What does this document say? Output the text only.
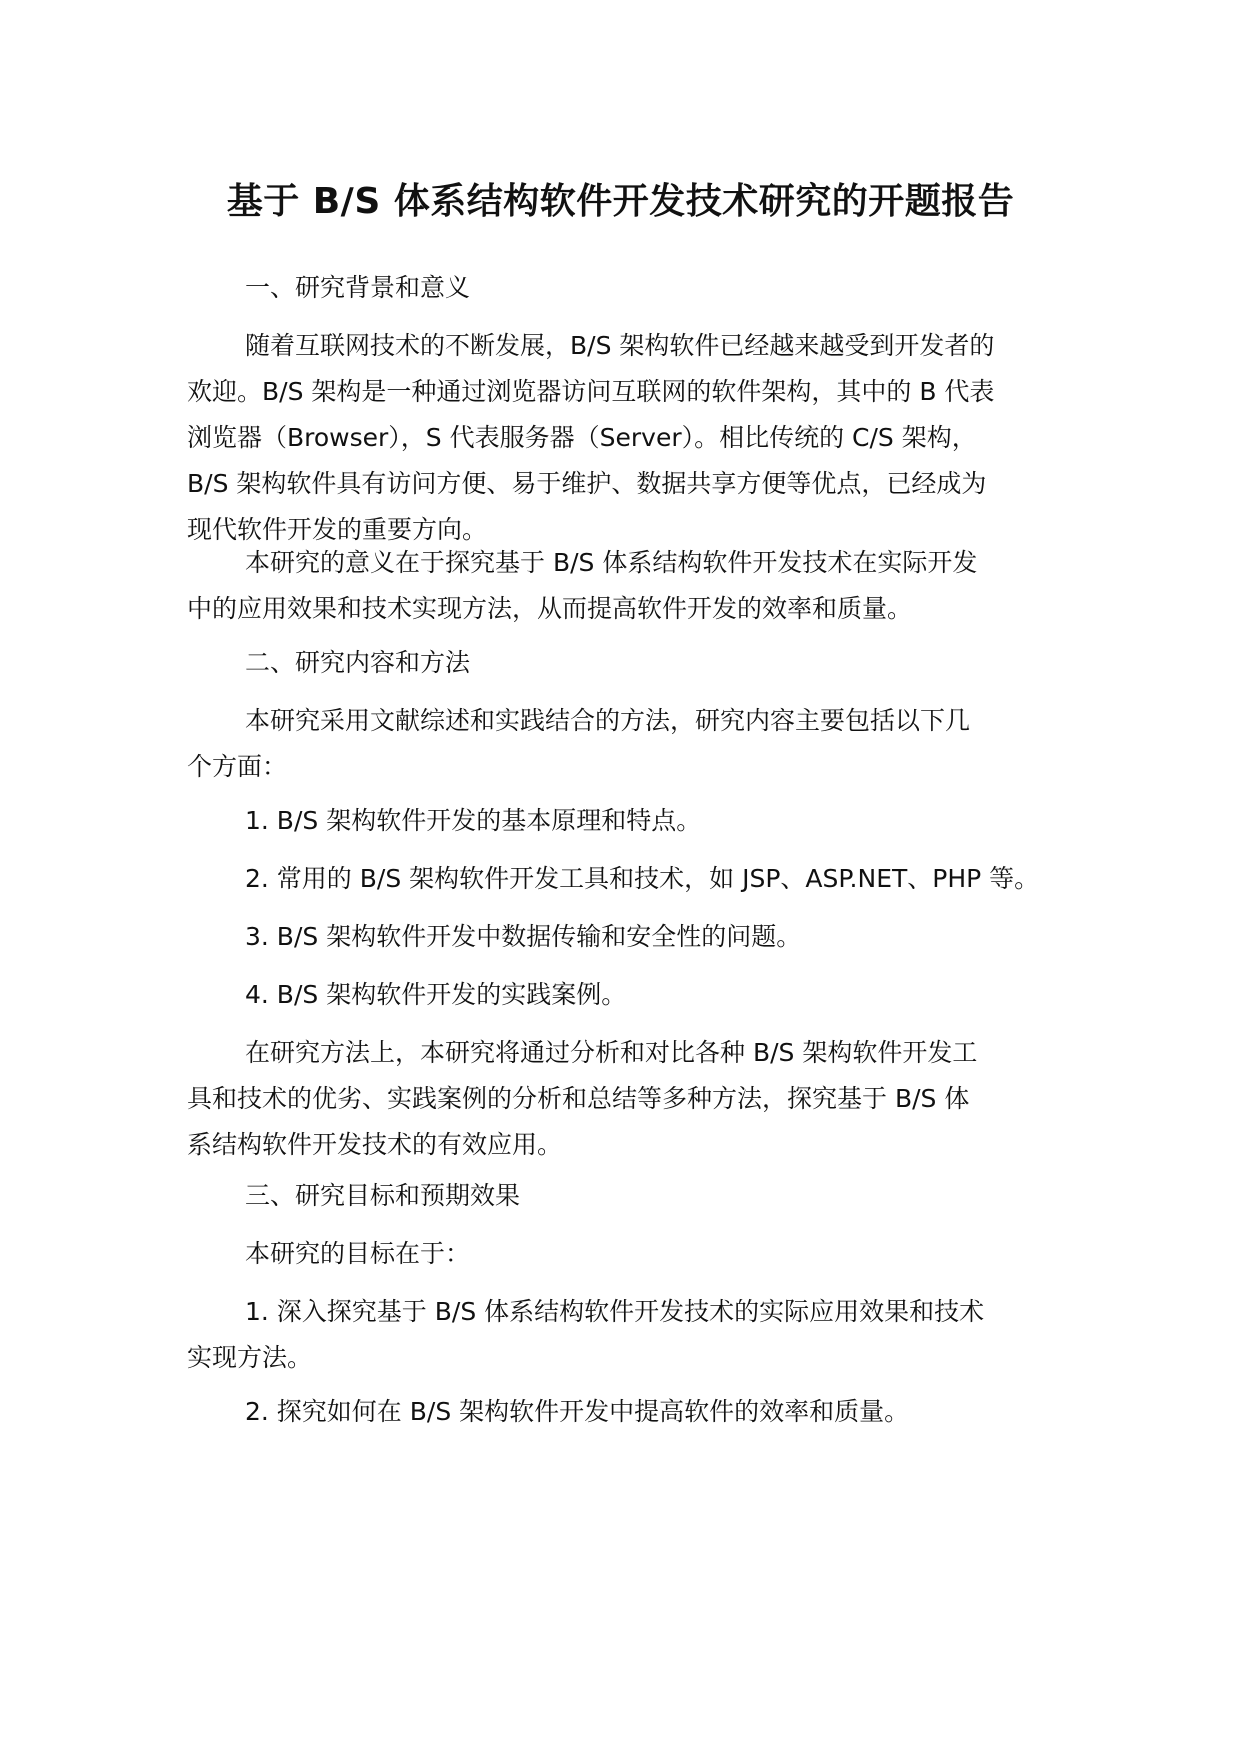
基于 B/S 体系结构软件开发技术研究的开题报告

一、研究背景和意义

随着互联网技术的不断发展，B/S 架构软件已经越来越受到开发者的
欢迎。B/S 架构是一种通过浏览器访问互联网的软件架构，其中的 B 代表
浏览器（Browser），S 代表服务器（Server）。相比传统的 C/S 架构，
B/S 架构软件具有访问方便、易于维护、数据共享方便等优点，已经成为
现代软件开发的重要方向。

本研究的意义在于探究基于 B/S 体系结构软件开发技术在实际开发
中的应用效果和技术实现方法，从而提高软件开发的效率和质量。

二、研究内容和方法

本研究采用文献综述和实践结合的方法，研究内容主要包括以下几
个方面：

1. B/S 架构软件开发的基本原理和特点。

2. 常用的 B/S 架构软件开发工具和技术，如 JSP、ASP.NET、PHP 等。

3. B/S 架构软件开发中数据传输和安全性的问题。

4. B/S 架构软件开发的实践案例。

在研究方法上，本研究将通过分析和对比各种 B/S 架构软件开发工
具和技术的优劣、实践案例的分析和总结等多种方法，探究基于 B/S 体
系结构软件开发技术的有效应用。

三、研究目标和预期效果

本研究的目标在于：

1. 深入探究基于 B/S 体系结构软件开发技术的实际应用效果和技术
实现方法。

2. 探究如何在 B/S 架构软件开发中提高软件的效率和质量。
